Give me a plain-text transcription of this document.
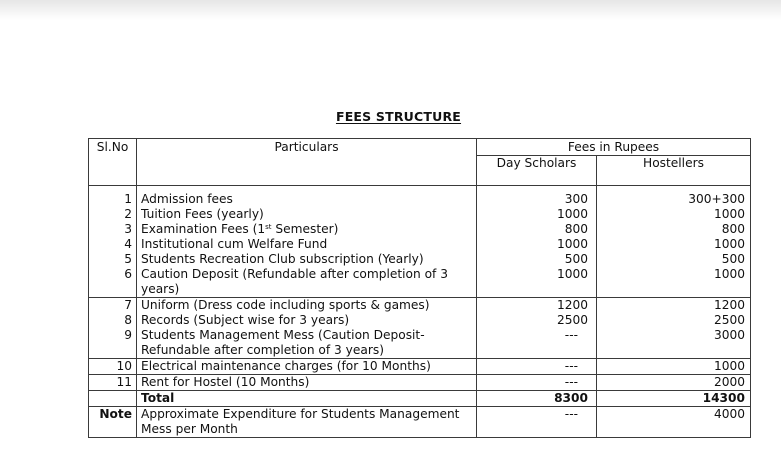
FEES STRUCTURE
Sl.No	Particulars	Fees in Rupees	
		Day Scholars	Hostellers
1	Admission fees	300	300+300
2	Tuition Fees (yearly)	1000	1000
3	Examination Fees (1st Semester)	800	800
4	Institutional cum Welfare Fund	1000	1000
5	Students Recreation Club subscription (Yearly)	500	500
6	Caution Deposit (Refundable after completion of 3 years)	1000	1000
7	Uniform (Dress code including sports & games)	1200	1200
8	Records (Subject wise for 3 years)	2500	2500
9	Students Management Mess (Caution Deposit- Refundable after completion of 3 years)	---	3000
10	Electrical maintenance charges (for 10 Months)	---	1000
11	Rent for Hostel (10 Months)	---	2000
	Total	8300	14300
Note	Approximate Expenditure for Students Management Mess per Month	---	4000
